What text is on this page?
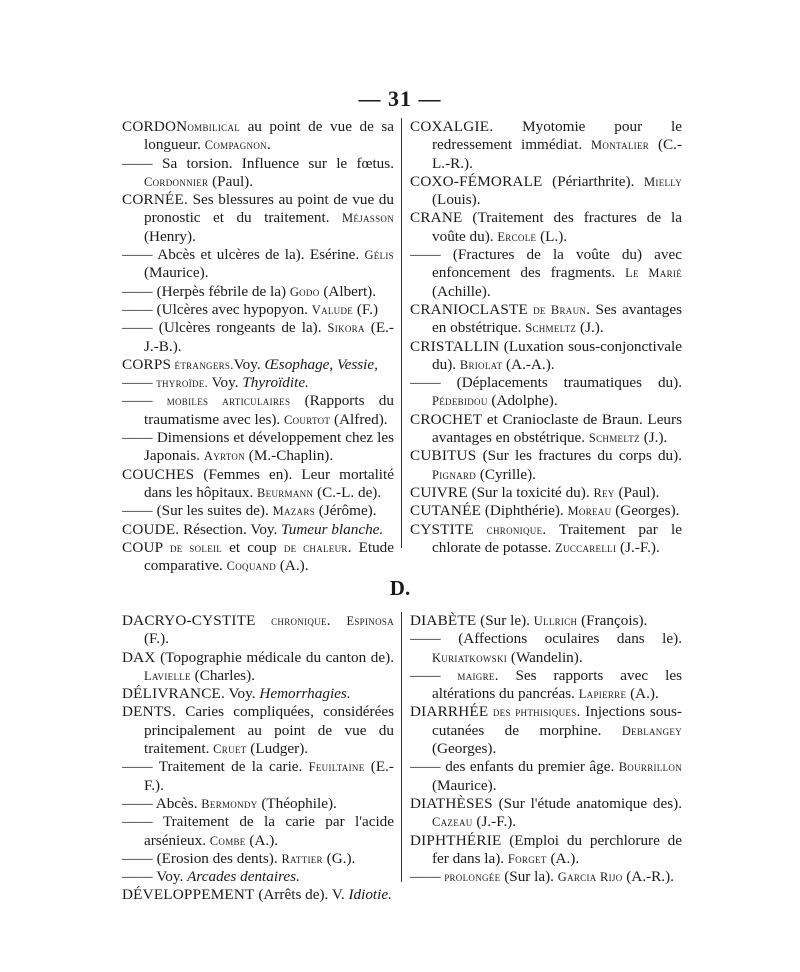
— 31 —

CORDONombilical au point de vue de sa longueur. Compagnon.

—— Sa torsion. Influence sur le fœtus. Cordonnier (Paul).

CORNÉE. Ses blessures au point de vue du pronostic et du traitement. Méjasson (Henry).

—— Abcès et ulcères de la). Esérine. Gélis (Maurice).

—— (Herpès fébrile de la) Godo (Albert).

—— (Ulcères avec hypopyon. Valude (F.)

—— (Ulcères rongeants de la). Sikora (E.-J.-B.).

CORPS étrangers.Voy. Œsophage, Vessie,

—— thyroïde. Voy. Thyroïdite.

—— mobiles articulaires (Rapports du traumatisme avec les). Courtot (Alfred).

—— Dimensions et développement chez les Japonais. Ayrton (M.-Chaplin).

COUCHES (Femmes en). Leur mortalité dans les hôpitaux. Beurmann (C.-L. de).

—— (Sur les suites de). Mazars (Jérôme).

COUDE. Résection. Voy. Tumeur blanche.

COUP de soleil et coup de chaleur. Etude comparative. Coquand (A.).

COXALGIE. Myotomie pour le redressement immédiat. Montalier (C.-L.-R.).

COXO-FÉMORALE (Périarthrite). Mielly (Louis).

CRANE (Traitement des fractures de la voûte du). Ercole (L.).

—— (Fractures de la voûte du) avec enfoncement des fragments. Le Marié (Achille).

CRANIOCLASTE de Braun. Ses avantages en obstétrique. Schmeltz (J.).

CRISTALLIN (Luxation sous-conjonctivale du). Briolat (A.-A.).

—— (Déplacements traumatiques du). Pédebidou (Adolphe).

CROCHET et Cranioclaste de Braun. Leurs avantages en obstétrique. Schmeltz (J.).

CUBITUS (Sur les fractures du corps du). Pignard (Cyrille).

CUIVRE (Sur la toxicité du). Rey (Paul).

CUTANÉE (Diphthérie). Moreau (Georges).

CYSTITE chronique. Traitement par le chlorate de potasse. Zuccarelli (J.-F.).

D.

DACRYO-CYSTITE chronique. Espinosa (F.).

DAX (Topographie médicale du canton de). Lavielle (Charles).

DÉLIVRANCE. Voy. Hemorrhagies.

DENTS. Caries compliquées, considérées principalement au point de vue du traitement. Cruet (Ludger).

—— Traitement de la carie. Feuiltaine (E.-F.).

—— Abcès. Bermondy (Théophile).

—— Traitement de la carie par l'acide arsénieux. Combe (A.).

—— (Erosion des dents). Rattier (G.).

—— Voy. Arcades dentaires.

DÉVELOPPEMENT (Arrêts de). V. Idiotie.

DIABÈTE (Sur le). Ullrich (François).

—— (Affections oculaires dans le). Kuriatkowski (Wandelin).

—— maigre. Ses rapports avec les altérations du pancréas. Lapierre (A.).

DIARRHÉE des phthisiques. Injections sous-cutanées de morphine. Deblangey (Georges).

—— des enfants du premier âge. Bourrillon (Maurice).

DIATHÈSES (Sur l'étude anatomique des). Cazeau (J.-F.).

DIPHTHÉRIE (Emploi du perchlorure de fer dans la). Forget (A.).

—— prolongée (Sur la). Garcia Rijo (A.-R.).
